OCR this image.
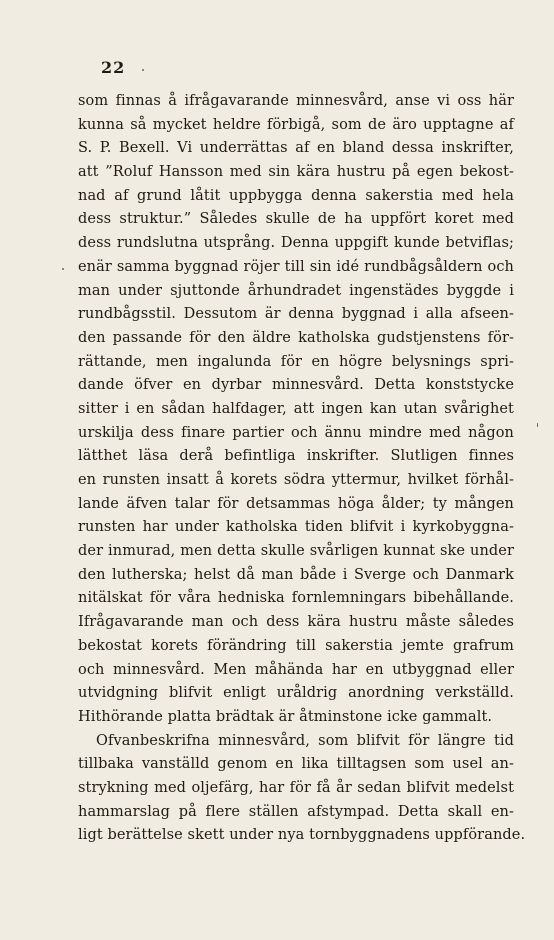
22
som finnas å ifrågavarande minnesvård, anse vi oss här
kunna så mycket heldre förbigå, som de äro upptagne af
S. P. Bexell. Vi underrättas af en bland dessa inskrifter,
att ”Roluf Hansson med sin kära hustru på egen bekost-
nad af grund låtit uppbygga denna sakerstia med hela
dess struktur.” Således skulle de ha uppfört koret med
dess rundslutna utsprång. Denna uppgift kunde betviflas;
enär samma byggnad röjer till sin idé rundbågsåldern och
man under sjuttonde århundradet ingenstädes byggde i
rundbågsstil. Dessutom är denna byggnad i alla afseen-
den passande för den äldre katholska gudstjenstens för-
rättande, men ingalunda för en högre belysnings spri-
dande öfver en dyrbar minnesvård. Detta konststycke
sitter i en sådan halfdager, att ingen kan utan svårighet
urskilja dess finare partier och ännu mindre med någon
lätthet läsa derå befintliga inskrifter. Slutligen finnes
en runsten insatt å korets södra yttermur, hvilket förhål-
lande äfven talar för detsammas höga ålder; ty mången
runsten har under katholska tiden blifvit i kyrkobyggna-
der inmurad, men detta skulle svårligen kunnat ske under
den lutherska; helst då man både i Sverge och Danmark
nitälskat för våra hedniska fornlemningars bibehållande.
Ifrågavarande man och dess kära hustru måste således
bekostat korets förändring till sakerstia jemte grafrum
och minnesvård. Men måhända har en utbyggnad eller
utvidgning blifvit enligt uråldrig anordning verkställd.
Hithörande platta brädtak är åtminstone icke gammalt.
Ofvanbeskrifna minnesvård, som blifvit för längre tid
tillbaka vanställd genom en lika tilltagsen som usel an-
strykning med oljefärg, har för få år sedan blifvit medelst
hammarslag på flere ställen afstympad. Detta skall en-
ligt berättelse skett under nya tornbyggnadens uppförande.
